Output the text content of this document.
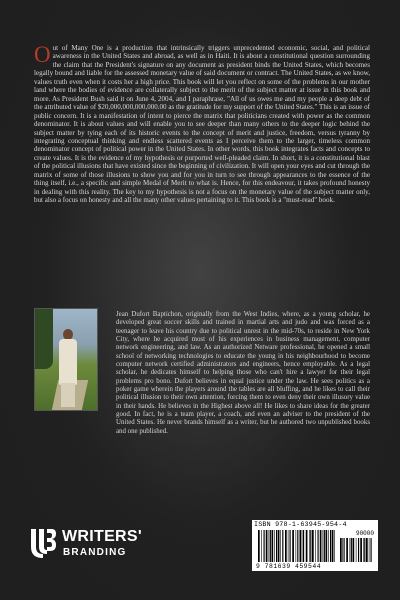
Out of Many One is a production that intrinsically triggers unprecedented economic, social, and political awareness in the United States and abroad, as well as in Haiti. It is about a constitutional question surrounding the claim that the President's signature on any document as president binds the United States, which becomes legally bound and liable for the assessed monetary value of said document or contract. The United States, as we know, values truth even when it costs her a high price. This book will let you reflect on some of the problems in our mother land where the bodies of evidence are collaterally subject to the merit of the subject matter at issue in this book and more. As President Bush said it on June 4, 2004, and I paraphrase, "All of us owes me and my people a deep debt of the attributed value of $20,000,000,000,000.00 as the gratitude for my support of the United States." This is an issue of public concern. It is a manifestation of intent to pierce the matrix that politicians created with power as the common denominator. It is about values and will enable you to see deeper than many others to the deeper logic behind the subject matter by tying each of its historic events to the concept of merit and justice, freedom, versus tyranny by integrating conceptual thinking and endless scattered events as I perceive them to the larger, timeless common denominator concept of political power in the United States. In other words, this book integrates facts and concepts to create values. It is the evidence of my hypothesis or purported well-pleaded claim. In short, it is a constitutional blast of the political illusions that have existed since the beginning of civilization. It will open your eyes and cut through the matrix of some of those illusions to show you and for you in turn to see through appearances to the essence of the thing itself, i.e., a specific and simple Medal of Merit to what is. Hence, for this endeavour, it takes profound honesty in dealing with this reality. The key to my hypothesis is not a focus on the monetary value of the subject matter only, but also a focus on honesty and all the many other values pertaining to it. This book is a "must-read" book.

Jean Dufort Baptichon, originally from the West Indies, where, as a young scholar, he developed great soccer skills and trained in martial arts and judo and was forced as a teenager to leave his country due to political unrest in the mid-70s, to reside in New York City, where he acquired most of his experiences in business management, computer network engineering, and law. As an authorized Netware professional, he opened a small school of networking technologies to educate the young in his neighbourhood to become computer network certified administrators and engineers, hence employable. As a legal scholar, he dedicates himself to helping those who can't hire a lawyer for their legal problems pro bono. Dufort believes in equal justice under the law. He sees politics as a poker game wherein the players around the tables are all bluffing, and he likes to call their political illusion to their own attention, forcing them to even deny their own illusory value in their hands. He believes in the Highest above all! He likes to share ideas for the greater good. In fact, he is a team player, a coach, and even an adviser to the president of the United States. He never brands himself as a writer, but he authored two unpublished books and one published.

WRITERS'
BRANDING
ISBN 978-1-63945-954-4
90000
9 781639 459544
